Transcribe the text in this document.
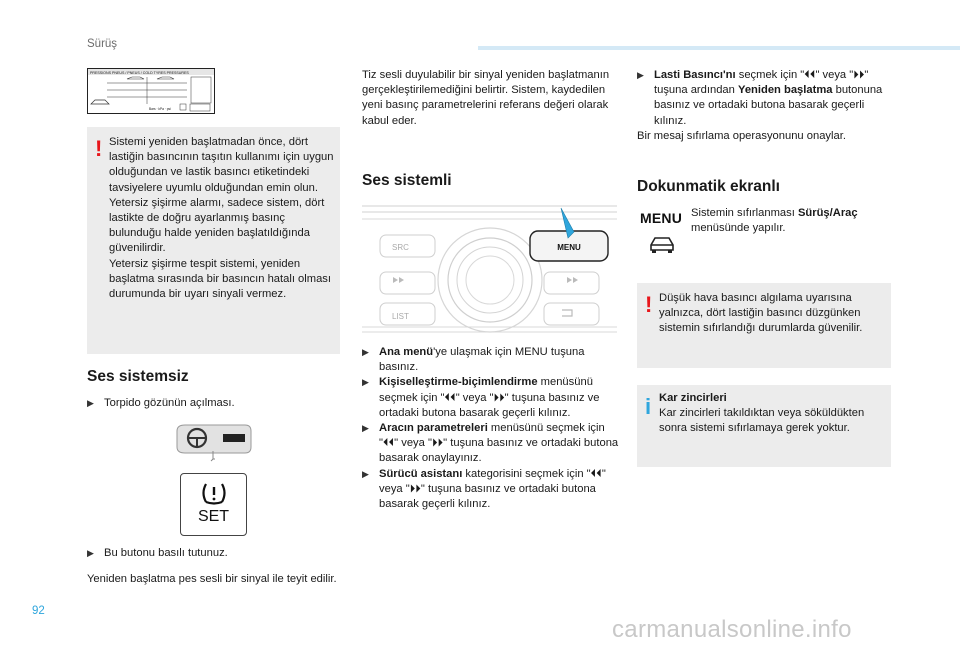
Sürüş
PRESSIONS PNEUS / PNEUS / COLD TYRES PRESSURES
Bars · kPa · psi
! Sistemi yeniden başlatmadan önce, dört lastiğin basıncının taşıtın kullanımı için uygun olduğundan ve lastik basıncı etiketindeki tavsiyelere uyumlu olduğundan emin olun.
Yetersiz şişirme alarmı, sadece sistem, dört lastikte de doğru ayarlanmış basınç bulunduğu halde yeniden başlatıldığında güvenilirdir.
Yetersiz şişirme tespit sistemi, yeniden başlatma sırasında bir basıncın hatalı olması durumunda bir uyarı sinyali vermez.
Ses sistemsiz
▶ Torpido gözünün açılması.
SET
▶ Bu butonu basılı tutunuz.
Yeniden başlatma pes sesli bir sinyal ile teyit edilir.
Tiz sesli duyulabilir bir sinyal yeniden başlatmanın gerçekleştirilemediğini belirtir. Sistem, kaydedilen yeni basınç parametrelerini referans değeri olarak kabul eder.
Ses sistemli
MENU
SRC
LIST
▶ Ana menü'ye ulaşmak için MENU tuşuna basınız.
▶ Kişiselleştirme-biçimlendirme menüsünü seçmek için "⏴⏴" veya "⏵⏵" tuşuna basınız ve ortadaki butona basarak geçerli kılınız.
▶ Aracın parametreleri menüsünü seçmek için "⏴⏴" veya "⏵⏵" tuşuna basınız ve ortadaki butona basarak onaylayınız.
▶ Sürücü asistanı kategorisini seçmek için "⏴⏴" veya "⏵⏵" tuşuna basınız ve ortadaki butona basarak geçerli kılınız.
▶ Lasti Basıncı'nı seçmek için "⏴⏴" veya "⏵⏵" tuşuna ardından Yeniden başlatma butonuna basınız ve ortadaki butona basarak geçerli kılınız.
Bir mesaj sıfırlama operasyonunu onaylar.
Dokunmatik ekranlı
MENU Sistemin sıfırlanması Sürüş/Araç menüsünde yapılır.
! Düşük hava basıncı algılama uyarısına yalnızca, dört lastiğin basıncı düzgünken sistemin sıfırlandığı durumlarda güvenilir.
i Kar zincirleri
Kar zincirleri takıldıktan veya söküldükten sonra sistemi sıfırlamaya gerek yoktur.
92
carmanualsonline.info
